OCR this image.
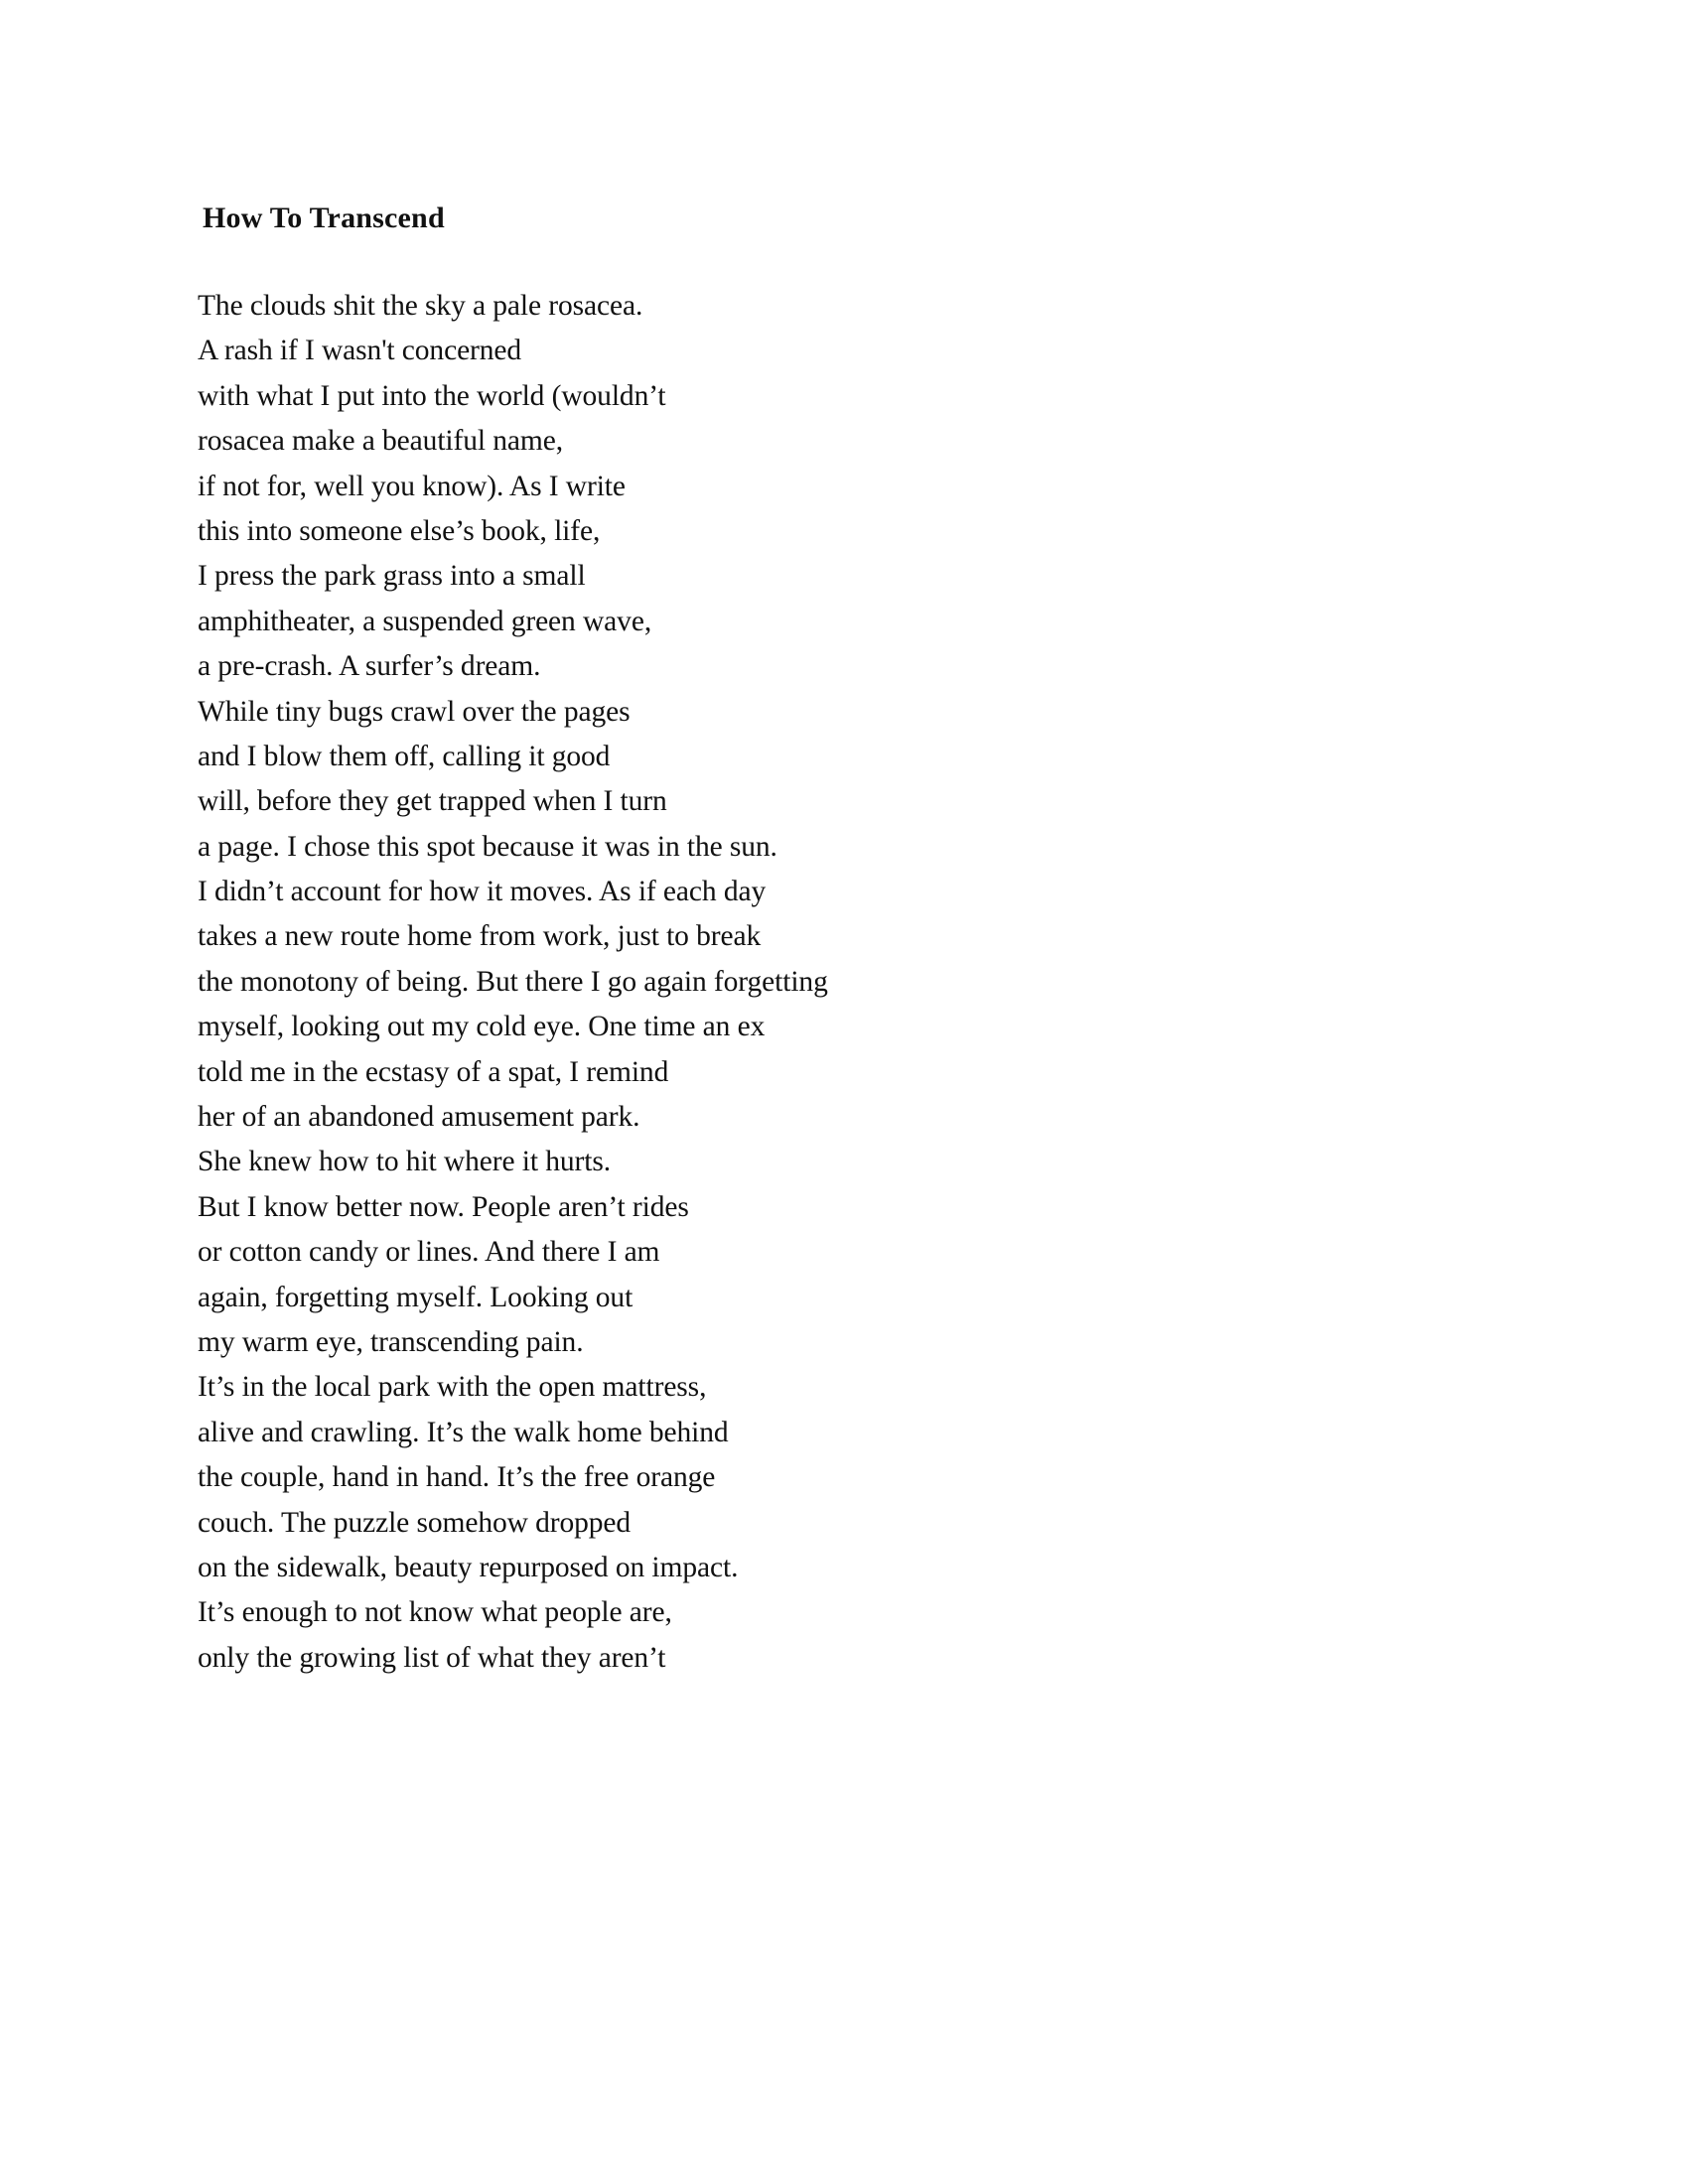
How To Transcend
The clouds shit the sky a pale rosacea.
A rash if I wasn't concerned
with what I put into the world (wouldn’t
rosacea make a beautiful name,
if not for, well you know). As I write
this into someone else’s book, life,
I press the park grass into a small
amphitheater, a suspended green wave,
a pre-crash. A surfer’s dream.
While tiny bugs crawl over the pages
and I blow them off, calling it good
will, before they get trapped when I turn
a page. I chose this spot because it was in the sun.
I didn’t account for how it moves. As if each day
takes a new route home from work, just to break
the monotony of being. But there I go again forgetting
myself, looking out my cold eye. One time an ex
told me in the ecstasy of a spat, I remind
her of an abandoned amusement park.
She knew how to hit where it hurts.
But I know better now. People aren’t rides
or cotton candy or lines. And there I am
again, forgetting myself. Looking out
my warm eye, transcending pain.
It’s in the local park with the open mattress,
alive and crawling. It’s the walk home behind
the couple, hand in hand. It’s the free orange
couch. The puzzle somehow dropped
on the sidewalk, beauty repurposed on impact.
It’s enough to not know what people are,
only the growing list of what they aren’t
